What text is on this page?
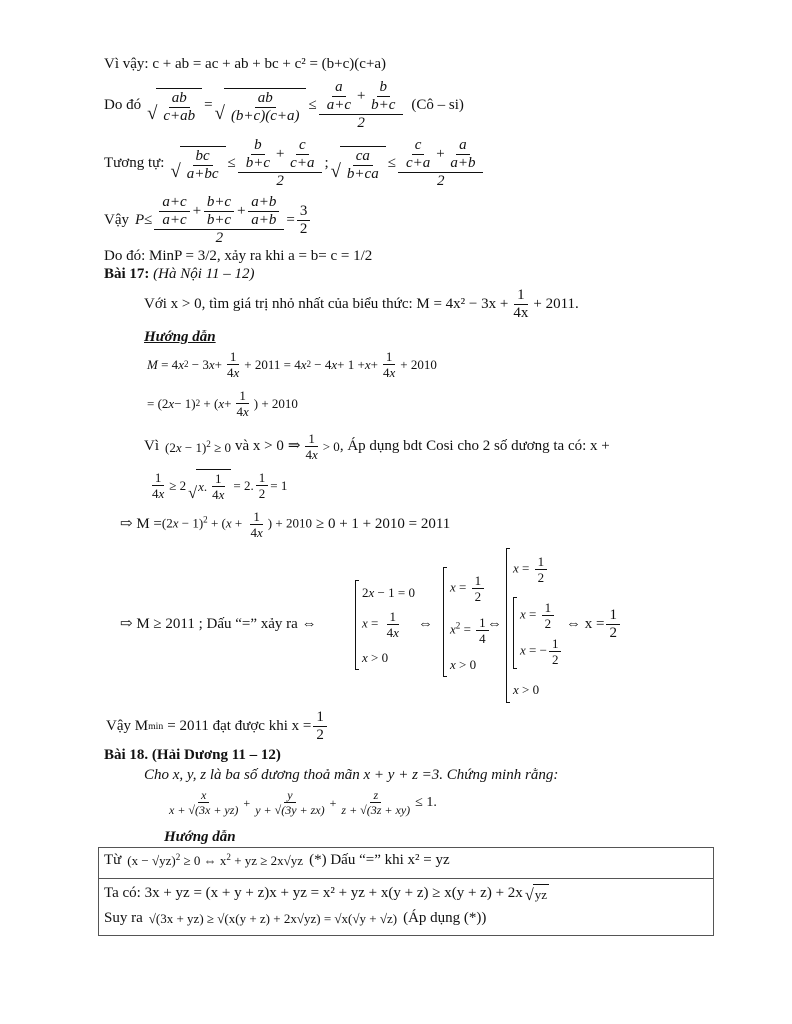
Vì vậy: c + ab = ac + ab + bc + c² = (b+c)(c+a)
Do đó √
ab
c+ab
= √
ab
(b+c)(c+a)
≤ $\frac{\frac{a}{a+c} + \frac{b}{b+c}}{2}$ (Cô – si)
Tương tự: √
bc
a+bc
≤ $\frac{\frac{b}{b+c} + \frac{c}{c+a}}{2}$ ; √
ca
b+ca
≤ $\frac{\frac{c}{c+a} + \frac{a}{a+b}}{2}$
Vậy $P \le \frac{\frac{a+c}{a+c} + \frac{b+c}{b+c} + \frac{a+b}{a+b}}{2} = \frac{3}{2}$
Do đó: MinP = 3/2, xảy ra khi a = b= c = 1/2
Bài 17: (Hà Nội 11 – 12)
Với x > 0, tìm giá trị nhỏ nhất của biểu thức: $M = 4x^2 - 3x + \frac{1}{4x} + 2011$.
Hướng dẫn
M = 4 x 2 − 3 x +
1
4x
+ 2011 = 4 x 2 − 4 x + 1 + x +
1
4x
+ 2010
= (2 x − 1) 2 + ( x +
1
4x
) + 2010
Vì $(2x - 1)^2 \ge 0$ và x > 0 ⇒ 1
4x
> 0 , Áp dụng bdt Cosi cho 2 số dương ta có: x +
1
4x
≥ 2 √ x .
1
4x
= 2.
1
2
= 1
⇨ $M = (2x - 1)^2 + (x + \frac{1}{4x}$ ) + 2010 ≥ 0 + 1 + 2010 = 2011
⇨ M ≥ 2011 ; Dấu “=” xảy ra ⇔
2x − 1 = 0
$x = \frac{1}{4x}$
x > 0
⇔
$x = \frac{1}{2}$
$x^2 = \frac{1}{4}$
x > 0
⇔
$x = \frac{1}{2}$
$x = \frac{1}{2}$
x = − $\frac{1}{2}$
x > 0
⇔ $x = \frac{1}{2}$
Vậy M min = 2011 đạt được khi $x = \frac{1}{2}$
Bài 18. (Hải Dương 11 – 12)
Cho x, y, z là ba số dương thoả mãn x + y + z =3. Chứng minh rằng:
x
x + √(3x + yz)
+
y
y + √(3y + zx)
+ $\frac{z}{z + √(3z + xy)} \le 1$.
Hướng dẫn
Từ $(x - √yz)^2 \ge 0$ ⇔ $x^2$ + yz ≥ 2x√yz (*) Dấu “=” khi x² = yz
Ta có: 3x + yz = (x + y + z)x + yz = x² + yz + x(y + z) ≥ x(y + z) + 2x √ yz
Suy ra √(3x + yz) ≥ √(x(y + z) + 2x√yz) = √x(√y + √z) (Áp dụng (*))
